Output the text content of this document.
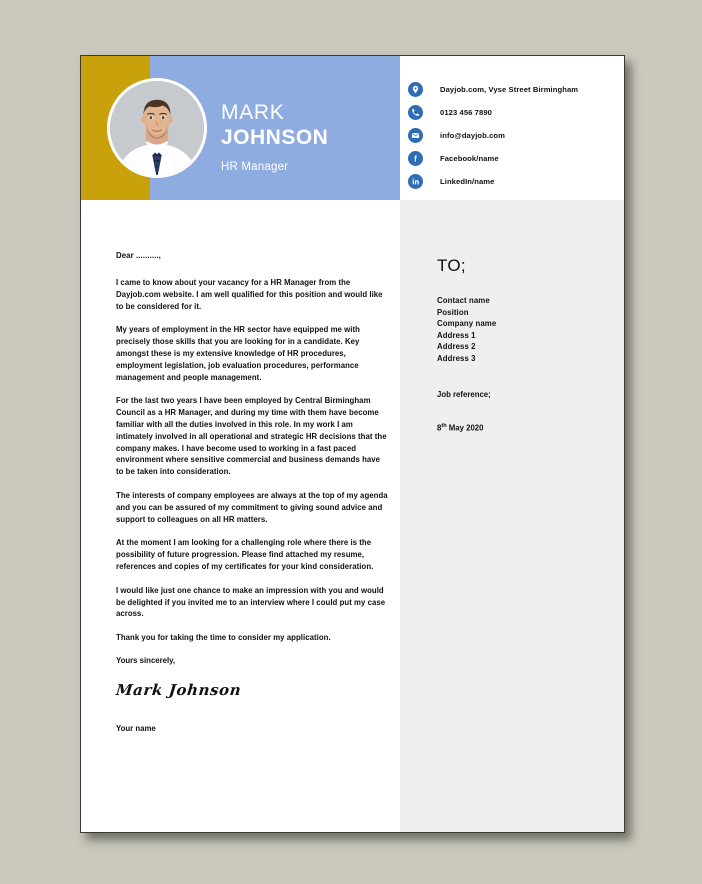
MARK
JOHNSON
HR Manager
Dayjob.com, Vyse Street Birmingham
0123 456 7890
info@dayjob.com
Facebook/name
LinkedIn/name
TO;
Contact name
Position
Company name
Address 1
Address 2
Address 3
Job reference;
8th May 2020
Dear ..........,

I came to know about your vacancy for a HR Manager from the Dayjob.com website. I am well qualified for this position and would like to be considered for it.

My years of employment in the HR sector have equipped me with precisely those skills that you are looking for in a candidate. Key amongst these is my extensive knowledge of HR procedures, employment legislation, job evaluation procedures, performance management and people management.

For the last two years I have been employed by Central Birmingham Council as a HR Manager, and during my time with them have become familiar with all the duties involved in this role. In my work I am intimately involved in all operational and strategic HR decisions that the company makes. I have become used to working in a fast paced environment where sensitive commercial and business demands have to be taken into consideration.

The interests of company employees are always at the top of my agenda and you can be assured of my commitment to giving sound advice and support to colleagues on all HR matters.

At the moment I am looking for a challenging role where there is the possibility of future progression. Please find attached my resume, references and copies of my certificates for your kind consideration.

I would like just one chance to make an impression with you and would be delighted if you invited me to an interview where I could put my case across.

Thank you for taking the time to consider my application.

Yours sincerely,
Mark Johnson
Your name
